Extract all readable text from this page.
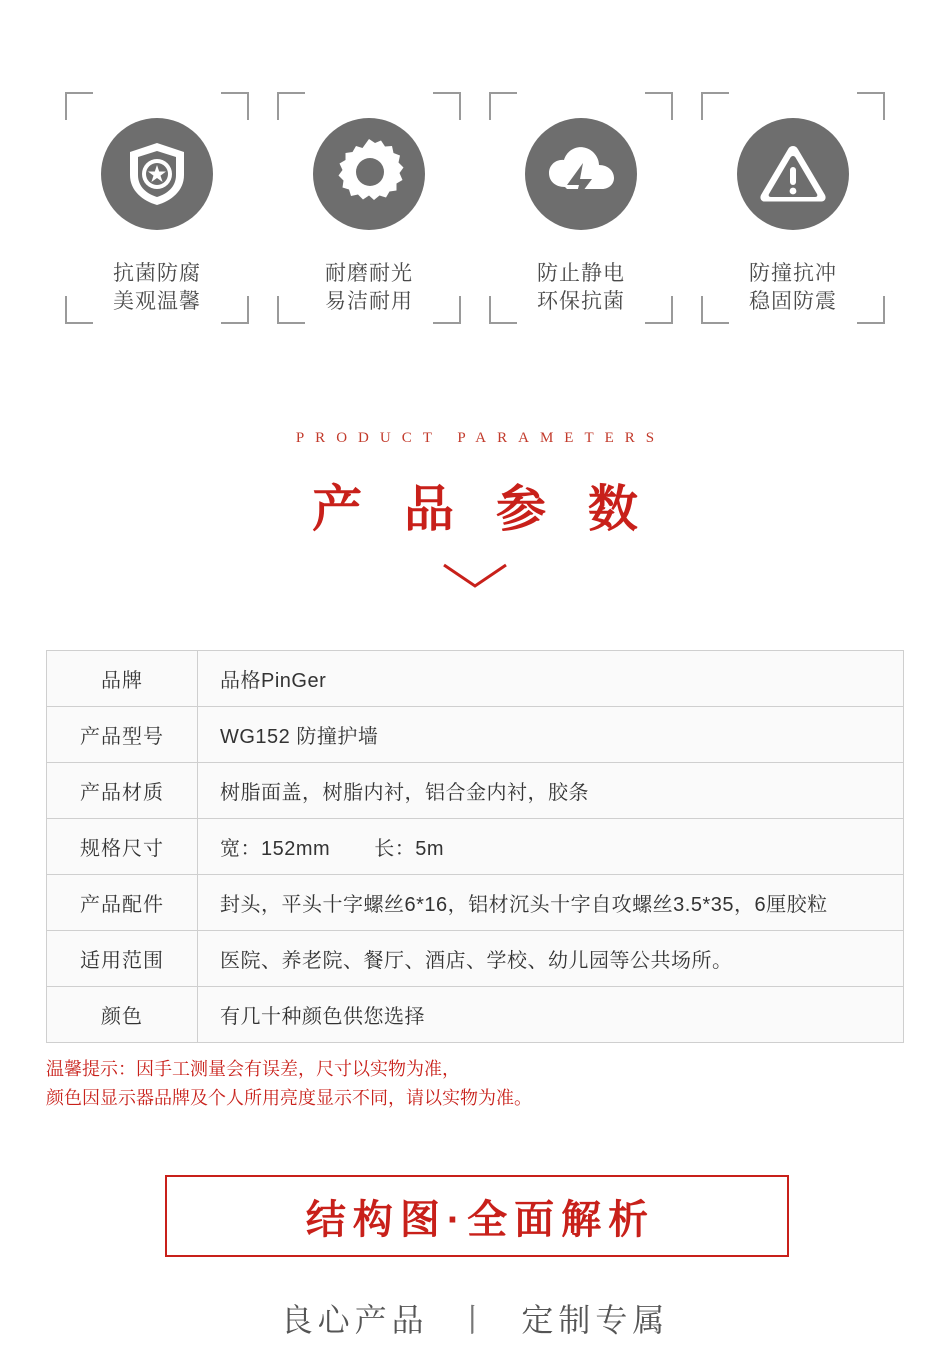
抗菌防腐
美观温馨
耐磨耐光
易洁耐用
防止静电
环保抗菌
防撞抗冲
稳固防震
PRODUCT PARAMETERS
产 品 参 数
品牌	品格PinGer
产品型号	WG152 防撞护墙
产品材质	树脂面盖，树脂内衬，铝合金内衬，胶条
规格尺寸	宽：152mm 长：5m
产品配件	封头，平头十字螺丝6*16，铝材沉头十字自攻螺丝3.5*35，6厘胶粒
适用范围	医院、养老院、餐厅、酒店、学校、幼儿园等公共场所。
颜色	有几十种颜色供您选择
温馨提示：因手工测量会有误差，尺寸以实物为准，
颜色因显示器品牌及个人所用亮度显示不同，请以实物为准。
结构图·全面解析
良心产品 丨 定制专属
